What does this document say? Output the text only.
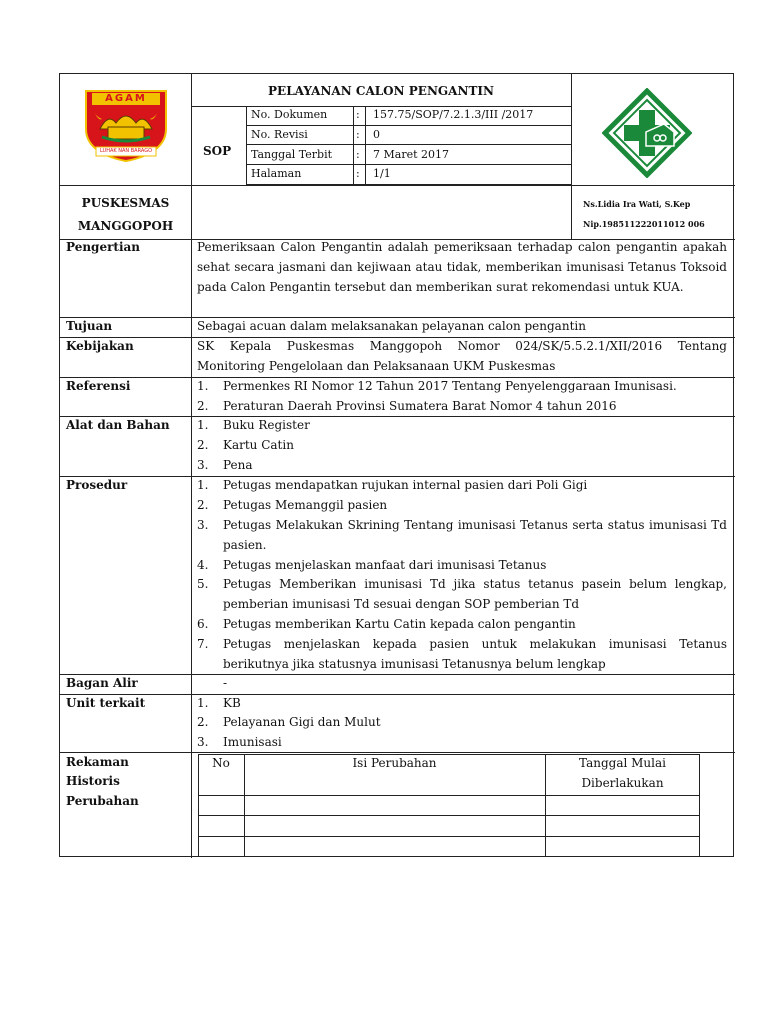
AGAM
LUHAK NAN BARAGO
PELAYANAN CALON PENGANTIN
SOP
No. Dokumen	: 157.75/SOP/7.2.1.3/III /2017
No. Revisi	: 0
Tanggal Terbit : 7 Maret 2017
Halaman	: 1/1
PUSKESMAS
MANGGOPOH
Ns.Lidia Ira Wati, S.Kep
Nip.198511222011012 006
Pengertian	Pemeriksaan Calon Pengantin adalah pemeriksaan terhadap calon pengantin apakah sehat secara jasmani dan kejiwaan atau tidak, memberikan imunisasi Tetanus Toksoid pada Calon Pengantin tersebut dan memberikan surat rekomendasi untuk KUA.
Tujuan	Sebagai acuan dalam melaksanakan pelayanan calon pengantin
Kebijakan	SK Kepala Puskesmas Manggopoh Nomor 024/SK/5.5.2.1/XII/2016 Tentang Monitoring Pengelolaan dan Pelaksanaan UKM Puskesmas
Referensi	1. Permenkes RI Nomor 12 Tahun 2017 Tentang Penyelenggaraan Imunisasi.
2. Peraturan Daerah Provinsi Sumatera Barat Nomor 4 tahun 2016
Alat dan Bahan 1. Buku Register
2. Kartu Catin
3. Pena
Prosedur	1. Petugas mendapatkan rujukan internal pasien dari Poli Gigi
2. Petugas Memanggil pasien
3. Petugas Melakukan Skrining Tentang imunisasi Tetanus serta status imunisasi Td pasien.
4. Petugas menjelaskan manfaat dari imunisasi Tetanus
5. Petugas Memberikan imunisasi Td jika status tetanus pasein belum lengkap, pemberian imunisasi Td sesuai dengan SOP pemberian Td
6. Petugas memberikan Kartu Catin kepada calon pengantin
7. Petugas menjelaskan kepada pasien untuk melakukan imunisasi Tetanus berikutnya jika statusnya imunisasi Tetanusnya belum lengkap
Bagan Alir	-
Unit terkait	1. KB
2. Pelayanan Gigi dan Mulut
3. Imunisasi
Rekaman
Historis
Perubahan
No	Isi Perubahan	Tanggal Mulai
Diberlakukan
